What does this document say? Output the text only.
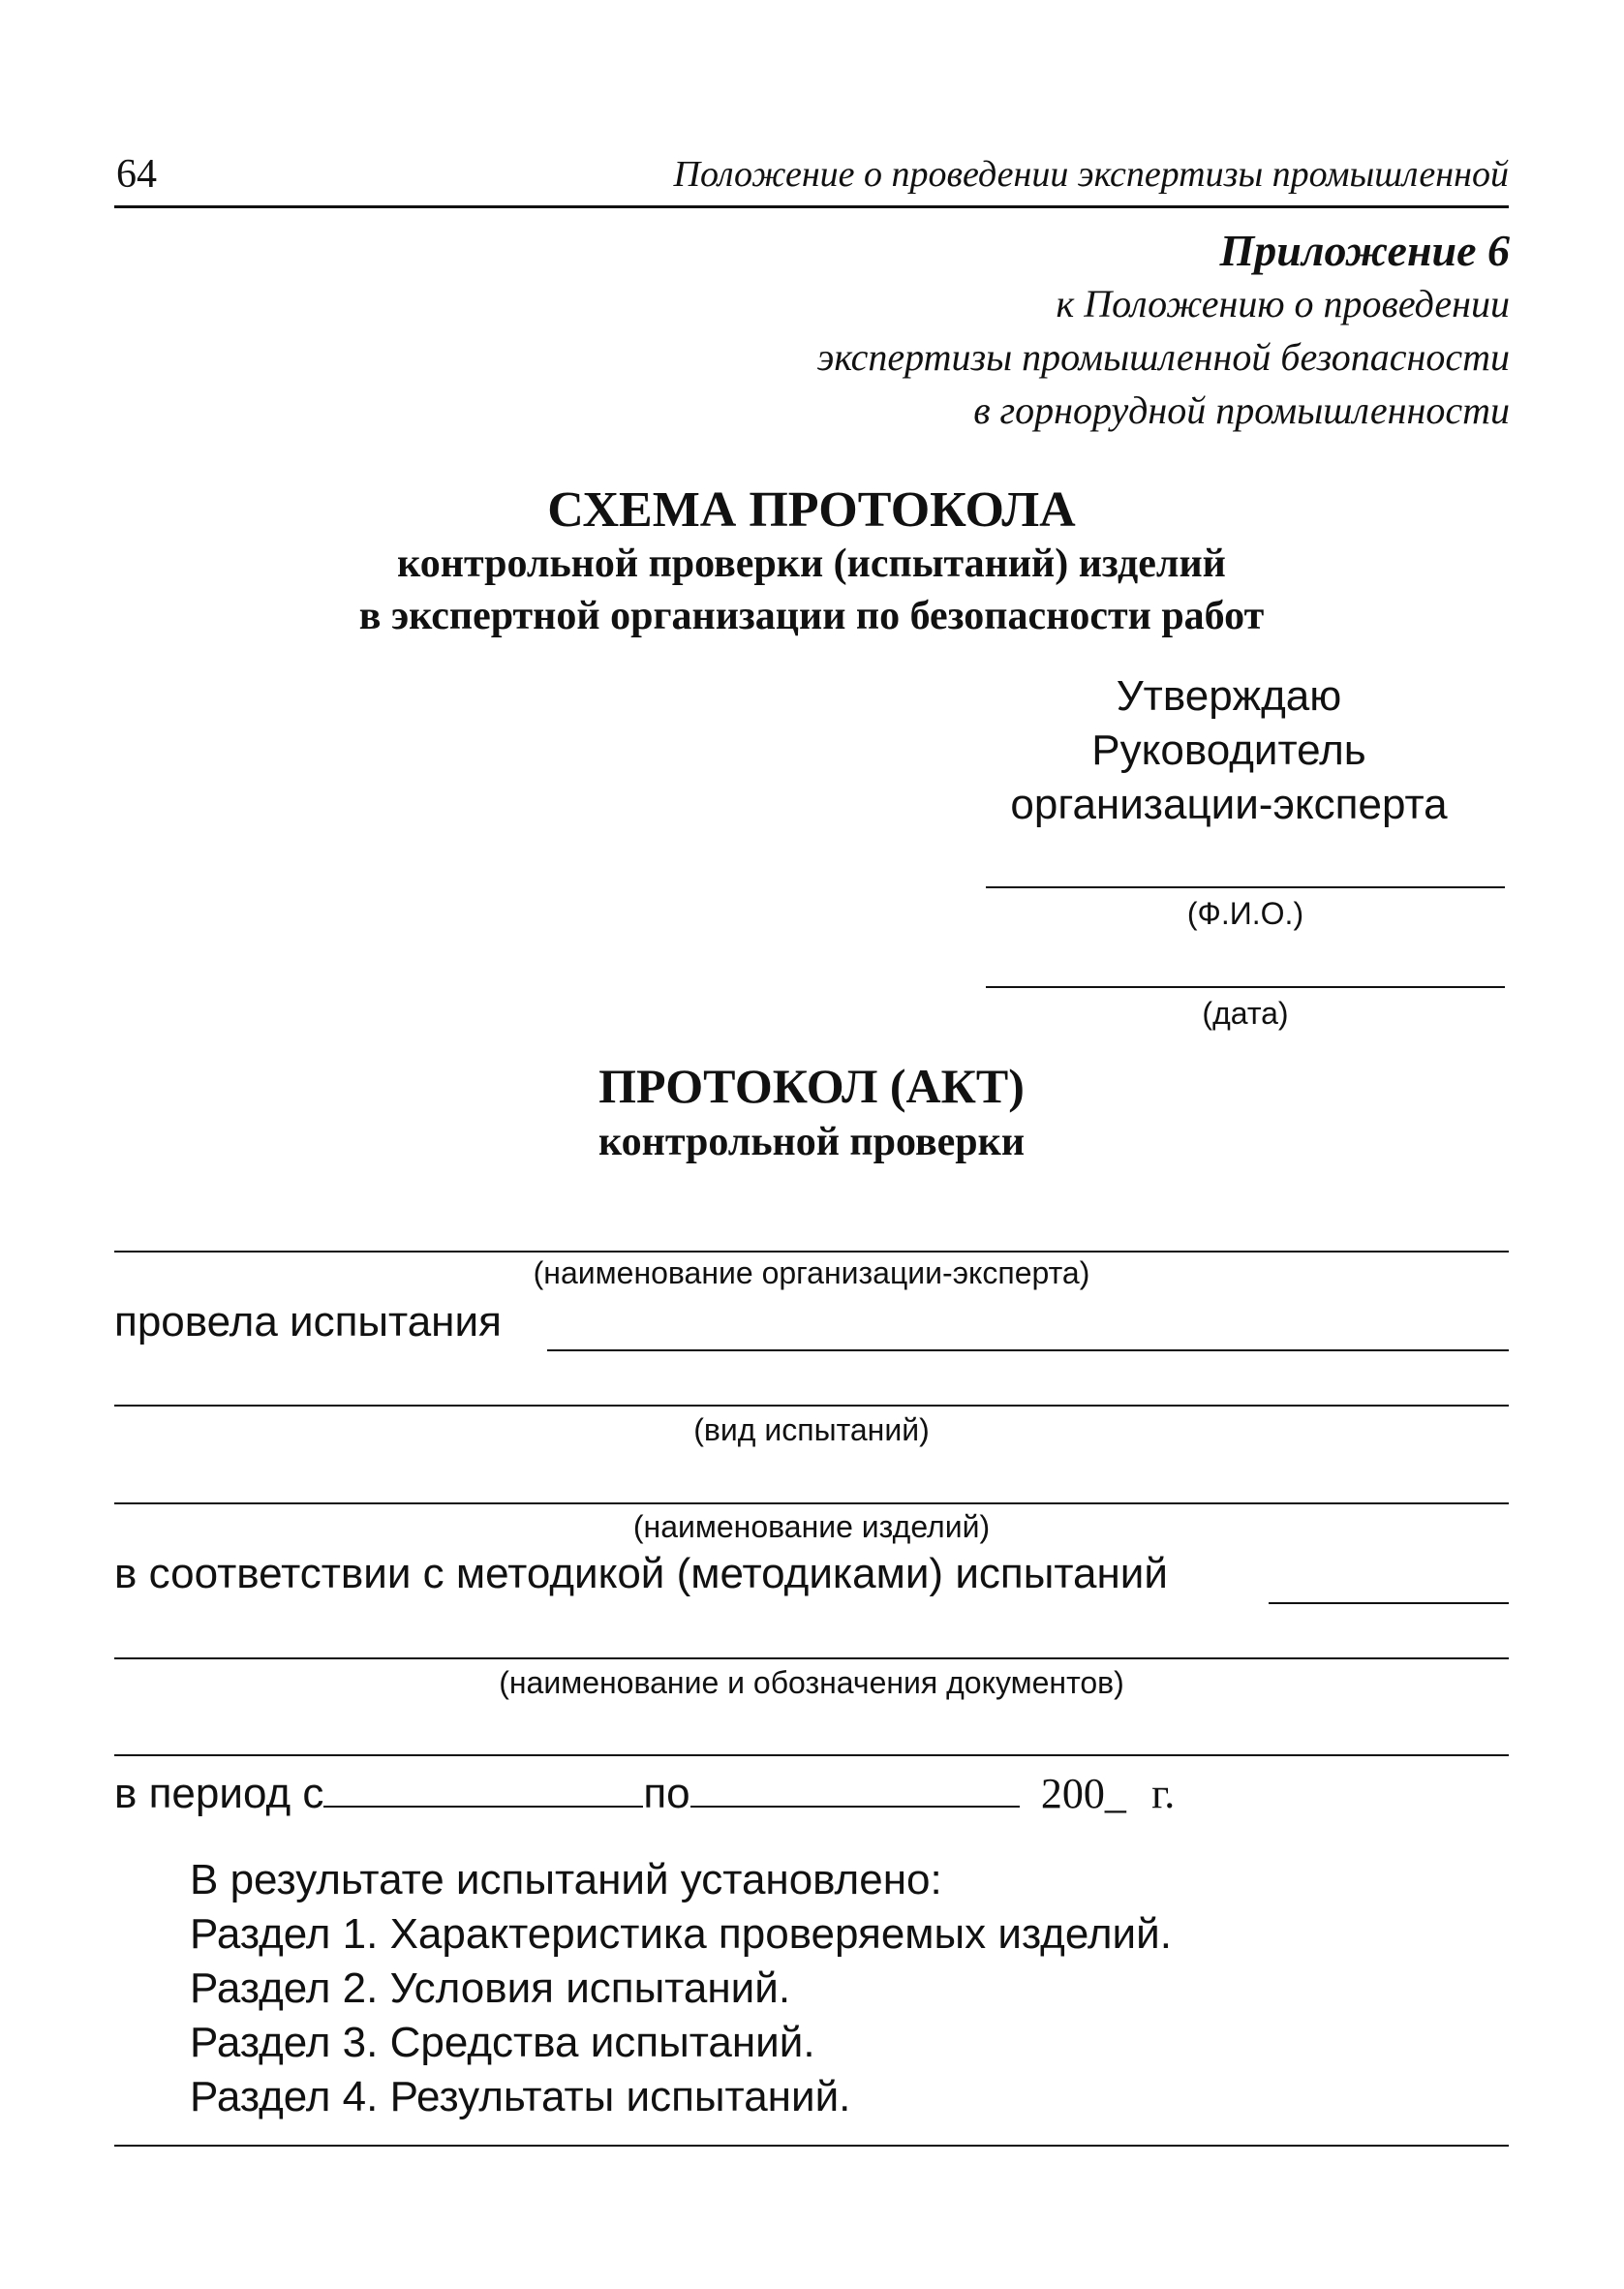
64	Положение о проведении экспертизы промышленной
Приложение 6
к Положению о проведении
экспертизы промышленной безопасности
в горнорудной промышленности
СХЕМА ПРОТОКОЛА
контрольной проверки (испытаний) изделий
в экспертной организации по безопасности работ
Утверждаю
Руководитель
организации-эксперта
(Ф.И.О.)
(дата)
ПРОТОКОЛ (АКТ)
контрольной проверки
(наименование организации-эксперта)
провела испытания
(вид испытаний)
(наименование изделий)
в соответствии с методикой (методиками) испытаний
(наименование и обозначения документов)
в период с	по	200_ г.
В результате испытаний установлено:
Раздел 1. Характеристика проверяемых изделий.
Раздел 2. Условия испытаний.
Раздел 3. Средства испытаний.
Раздел 4. Результаты испытаний.
